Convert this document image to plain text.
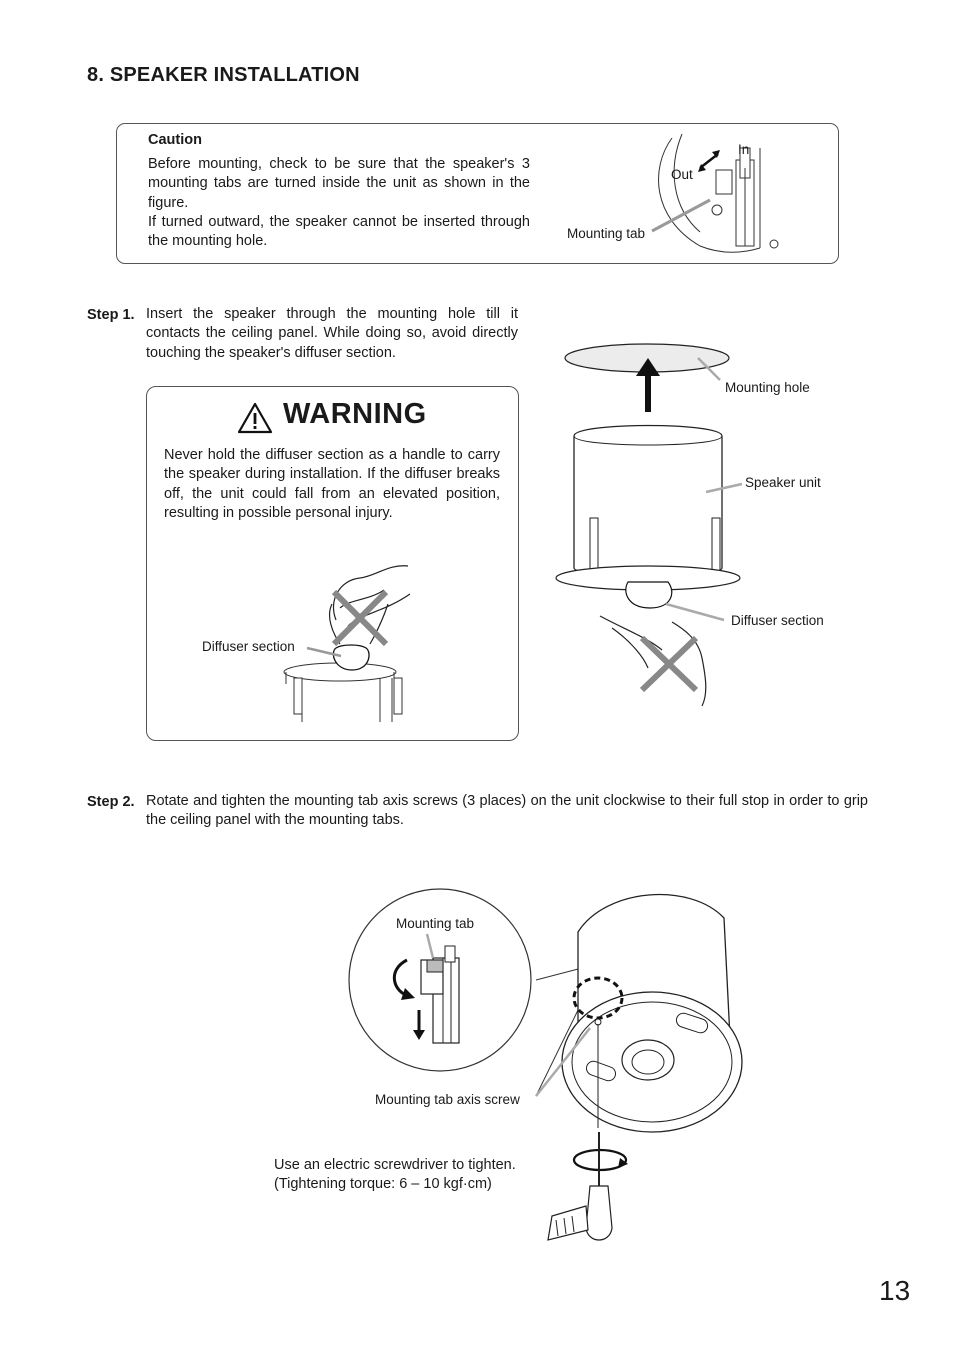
8. SPEAKER INSTALLATION
Caution
Before mounting, check to be sure that the speaker's 3 mounting tabs are turned inside the unit as shown in the figure.
If turned outward, the speaker cannot be inserted through the mounting hole.
In
Out
Mounting tab
Step 1. Insert the speaker through the mounting hole till it contacts the ceiling panel. While doing so, avoid directly touching the speaker's diffuser section.
WARNING
Never hold the diffuser section as a handle to carry the speaker during installation. If the diffuser breaks off, the unit could fall from an elevated position, resulting in possible personal injury.
Diffuser section
Mounting hole
Speaker unit
Diffuser section
Step 2. Rotate and tighten the mounting tab axis screws (3 places) on the unit clockwise to their full stop in order to grip the ceiling panel with the mounting tabs.
Mounting tab
Mounting tab axis screw
Use an electric screwdriver to tighten.
(Tightening torque: 6 – 10 kgf·cm)
13
